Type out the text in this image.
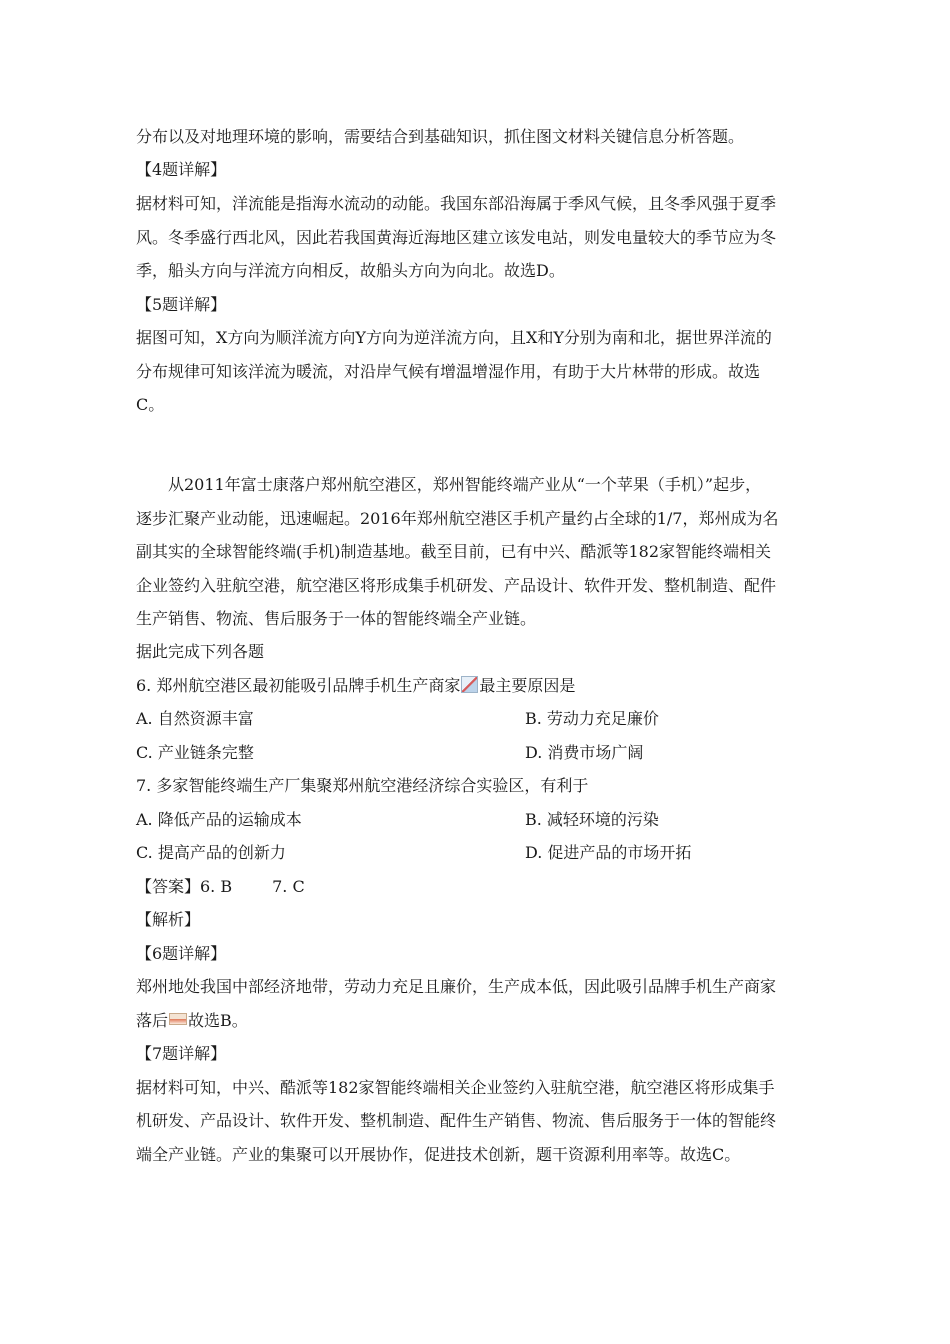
分布以及对地理环境的影响，需要结合到基础知识，抓住图文材料关键信息分析答题。
【4题详解】
据材料可知，洋流能是指海水流动的动能。我国东部沿海属于季风气候，且冬季风强于夏季
风。冬季盛行西北风，因此若我国黄海近海地区建立该发电站，则发电量较大的季节应为冬
季，船头方向与洋流方向相反，故船头方向为向北。故选D。
【5题详解】
据图可知，X方向为顺洋流方向Y方向为逆洋流方向，且X和Y分别为南和北，据世界洋流的
分布规律可知该洋流为暖流，对沿岸气候有增温增湿作用，有助于大片林带的形成。故选
C。
从2011年富士康落户郑州航空港区，郑州智能终端产业从“一个苹果（手机）”起步，
逐步汇聚产业动能，迅速崛起。2016年郑州航空港区手机产量约占全球的1/7，郑州成为名
副其实的全球智能终端(手机)制造基地。截至目前，已有中兴、酷派等182家智能终端相关
企业签约入驻航空港，航空港区将形成集手机研发、产品设计、软件开发、整机制造、配件
生产销售、物流、售后服务于一体的智能终端全产业链。
据此完成下列各题
6. 郑州航空港区最初能吸引品牌手机生产商家 最主要原因是
A. 自然资源丰富	B. 劳动力充足廉价
C. 产业链条完整	D. 消费市场广阔
7. 多家智能终端生产厂集聚郑州航空港经济综合实验区，有利于
A. 降低产品的运输成本	B. 减轻环境的污染
C. 提高产品的创新力	D. 促进产品的市场开拓
【答案】6. B	7. C
【解析】
【6题详解】
郑州地处我国中部经济地带，劳动力充足且廉价，生产成本低，因此吸引品牌手机生产商家
落后 故选B。
【7题详解】
据材料可知，中兴、酷派等182家智能终端相关企业签约入驻航空港，航空港区将形成集手
机研发、产品设计、软件开发、整机制造、配件生产销售、物流、售后服务于一体的智能终
端全产业链。产业的集聚可以开展协作，促进技术创新，题干资源利用率等。故选C。
